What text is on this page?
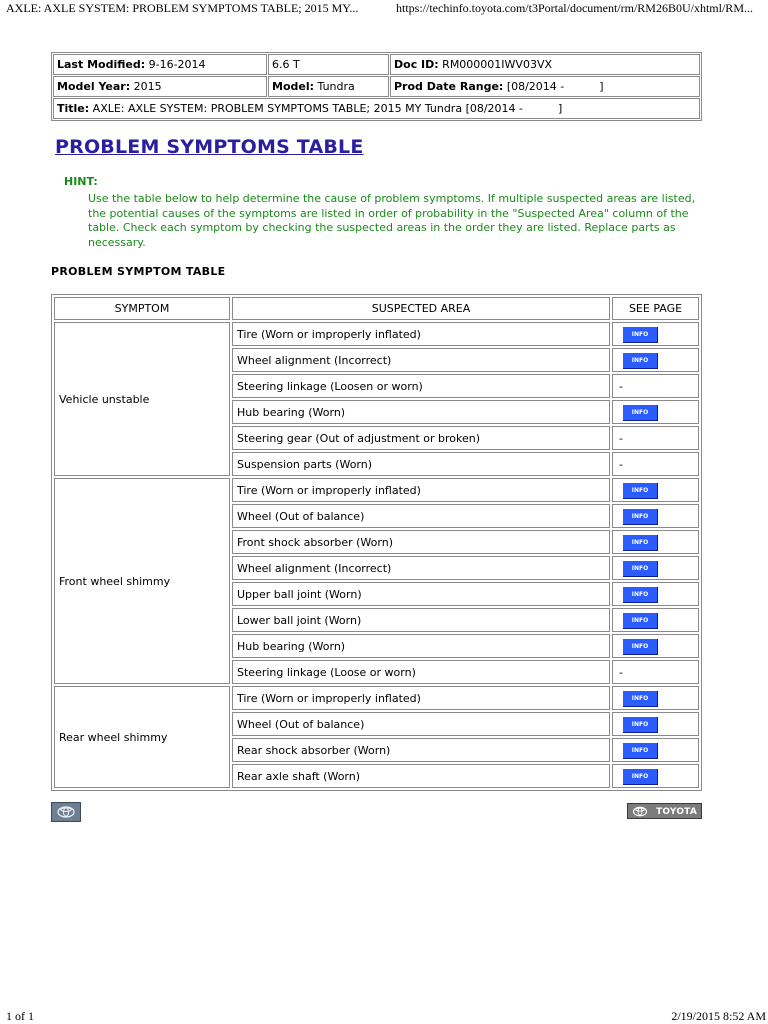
AXLE: AXLE SYSTEM: PROBLEM SYMPTOMS TABLE; 2015 MY...	https://techinfo.toyota.com/t3Portal/document/rm/RM26B0U/xhtml/RM...
Last Modified: 9-16-2014	6.6 T	Doc ID: RM000001IWV03VX
Model Year: 2015	Model: Tundra	Prod Date Range: [08/2014 -          ]
Title: AXLE: AXLE SYSTEM: PROBLEM SYMPTOMS TABLE; 2015 MY Tundra [08/2014 -          ]		
PROBLEM SYMPTOMS TABLE
HINT:

Use the table below to help determine the cause of problem symptoms. If multiple suspected areas are listed, the potential causes of the symptoms are listed in order of probability in the "Suspected Area" column of the table. Check each symptom by checking the suspected areas in the order they are listed. Replace parts as necessary.

PROBLEM SYMPTOM TABLE
SYMPTOM	SUSPECTED AREA	SEE PAGE
Vehicle unstable	Tire (Worn or improperly inflated)	INFO
	Wheel alignment (Incorrect)	INFO
	Steering linkage (Loosen or worn)	-
	Hub bearing (Worn)	INFO
	Steering gear (Out of adjustment or broken)	-
	Suspension parts (Worn)	-
Front wheel shimmy	Tire (Worn or improperly inflated)	INFO
	Wheel (Out of balance)	INFO
	Front shock absorber (Worn)	INFO
	Wheel alignment (Incorrect)	INFO
	Upper ball joint (Worn)	INFO
	Lower ball joint (Worn)	INFO
	Hub bearing (Worn)	INFO
	Steering linkage (Loose or worn)	-
Rear wheel shimmy	Tire (Worn or improperly inflated)	INFO
	Wheel (Out of balance)	INFO
	Rear shock absorber (Worn)	INFO
	Rear axle shaft (Worn)	INFO
TOYOTA
1 of 1	2/19/2015 8:52 AM
